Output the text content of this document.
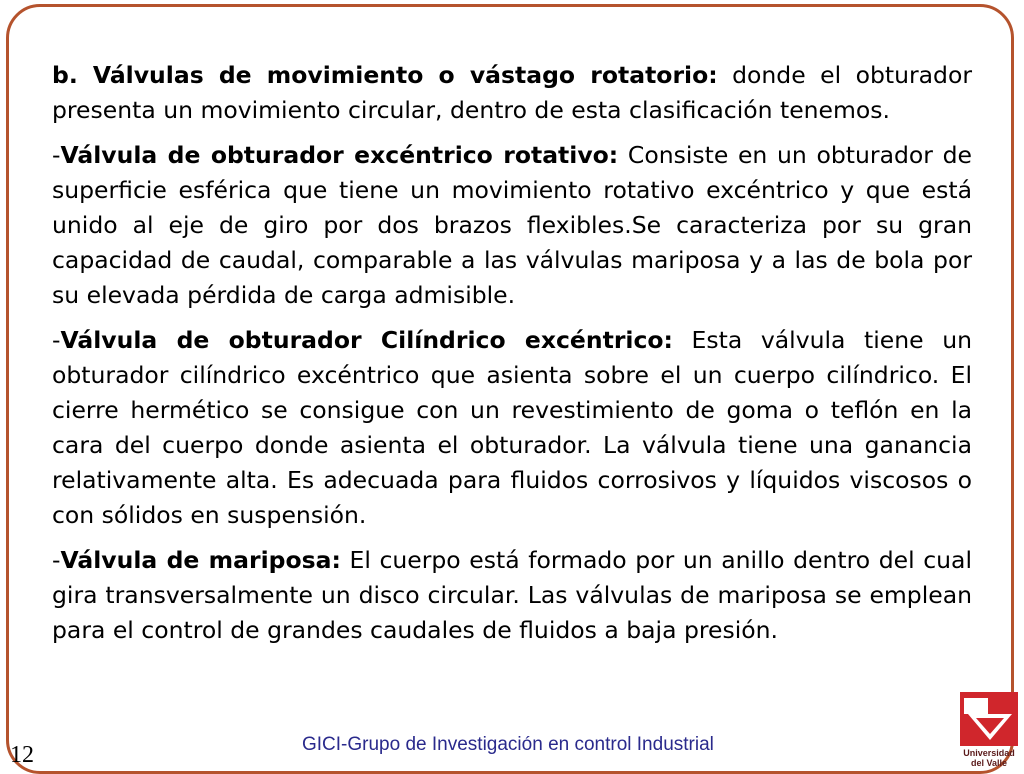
b. Válvulas de movimiento o vástago rotatorio: donde el obturador presenta un movimiento circular, dentro de esta clasificación tenemos.

-Válvula de obturador excéntrico rotativo: Consiste en un obturador de superficie esférica que tiene un movimiento rotativo excéntrico y que está unido al eje de giro por dos brazos flexibles.Se caracteriza por su gran capacidad de caudal, comparable a las válvulas mariposa y a las de bola por su elevada pérdida de carga admisible.

-Válvula de obturador Cilíndrico excéntrico: Esta válvula tiene un obturador cilíndrico excéntrico que asienta sobre el un cuerpo cilíndrico. El cierre hermético se consigue con un revestimiento de goma o teflón en la cara del cuerpo donde asienta el obturador. La válvula tiene una ganancia relativamente alta. Es adecuada para fluidos corrosivos y líquidos viscosos o con sólidos en suspensión.

-Válvula de mariposa: El cuerpo está formado por un anillo dentro del cual gira transversalmente un disco circular. Las válvulas de mariposa se emplean para el control de grandes caudales de fluidos a baja presión.

GICI-Grupo de Investigación en control Industrial
12	Universidad
del Valle
